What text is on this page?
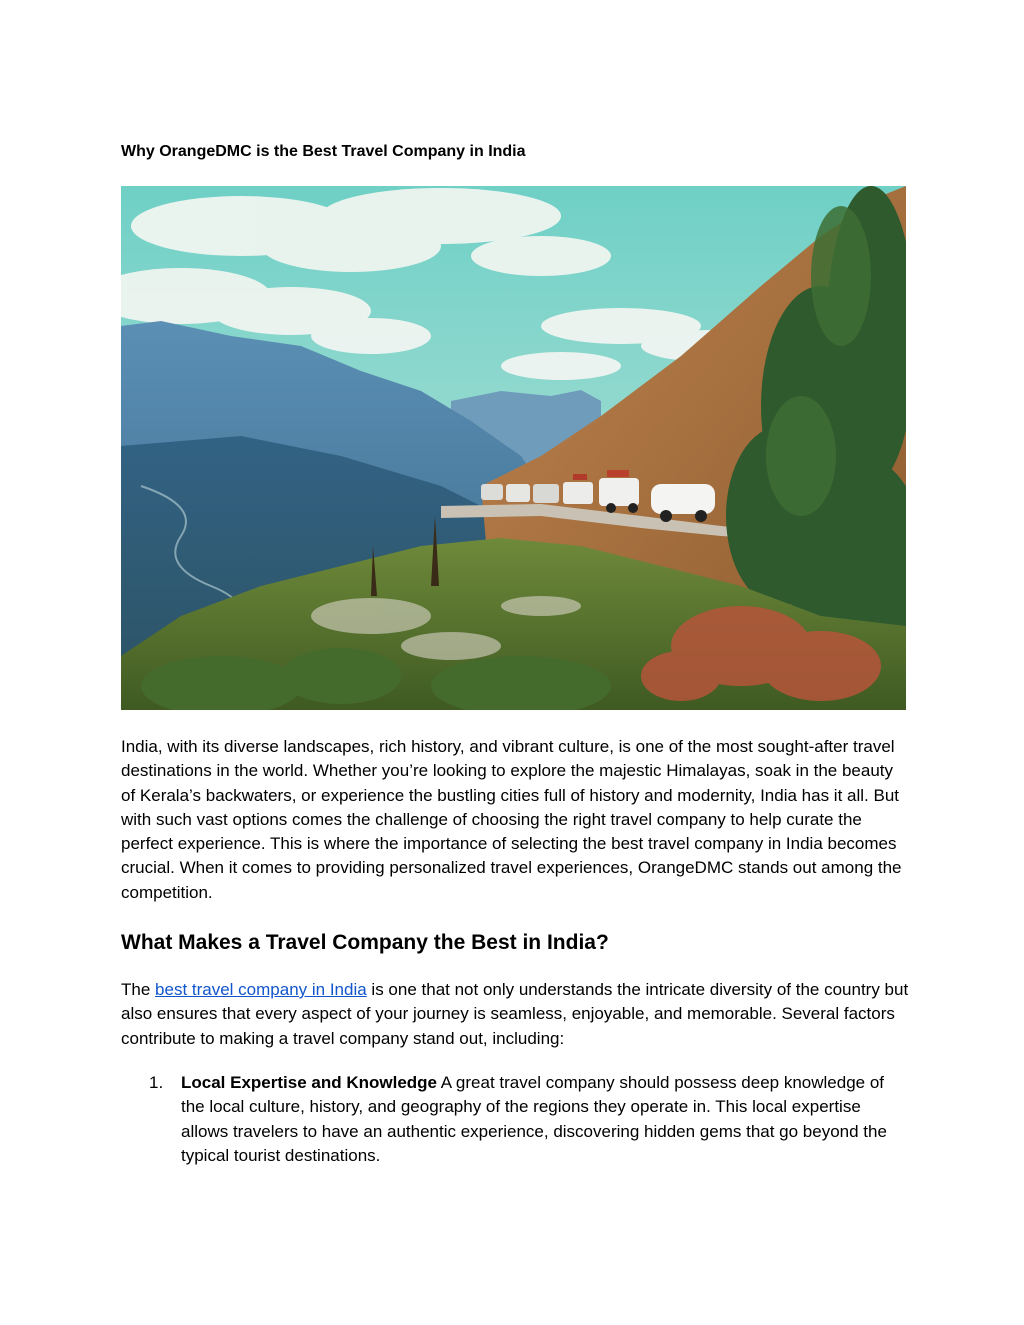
Why OrangeDMC is the Best Travel Company in India

India, with its diverse landscapes, rich history, and vibrant culture, is one of the most sought-after travel destinations in the world. Whether you’re looking to explore the majestic Himalayas, soak in the beauty of Kerala’s backwaters, or experience the bustling cities full of history and modernity, India has it all. But with such vast options comes the challenge of choosing the right travel company to help curate the perfect experience. This is where the importance of selecting the best travel company in India becomes crucial. When it comes to providing personalized travel experiences, OrangeDMC stands out among the competition.

What Makes a Travel Company the Best in India?

The best travel company in India is one that not only understands the intricate diversity of the country but also ensures that every aspect of your journey is seamless, enjoyable, and memorable. Several factors contribute to making a travel company stand out, including:

1. Local Expertise and Knowledge A great travel company should possess deep knowledge of the local culture, history, and geography of the regions they operate in. This local expertise allows travelers to have an authentic experience, discovering hidden gems that go beyond the typical tourist destinations.
